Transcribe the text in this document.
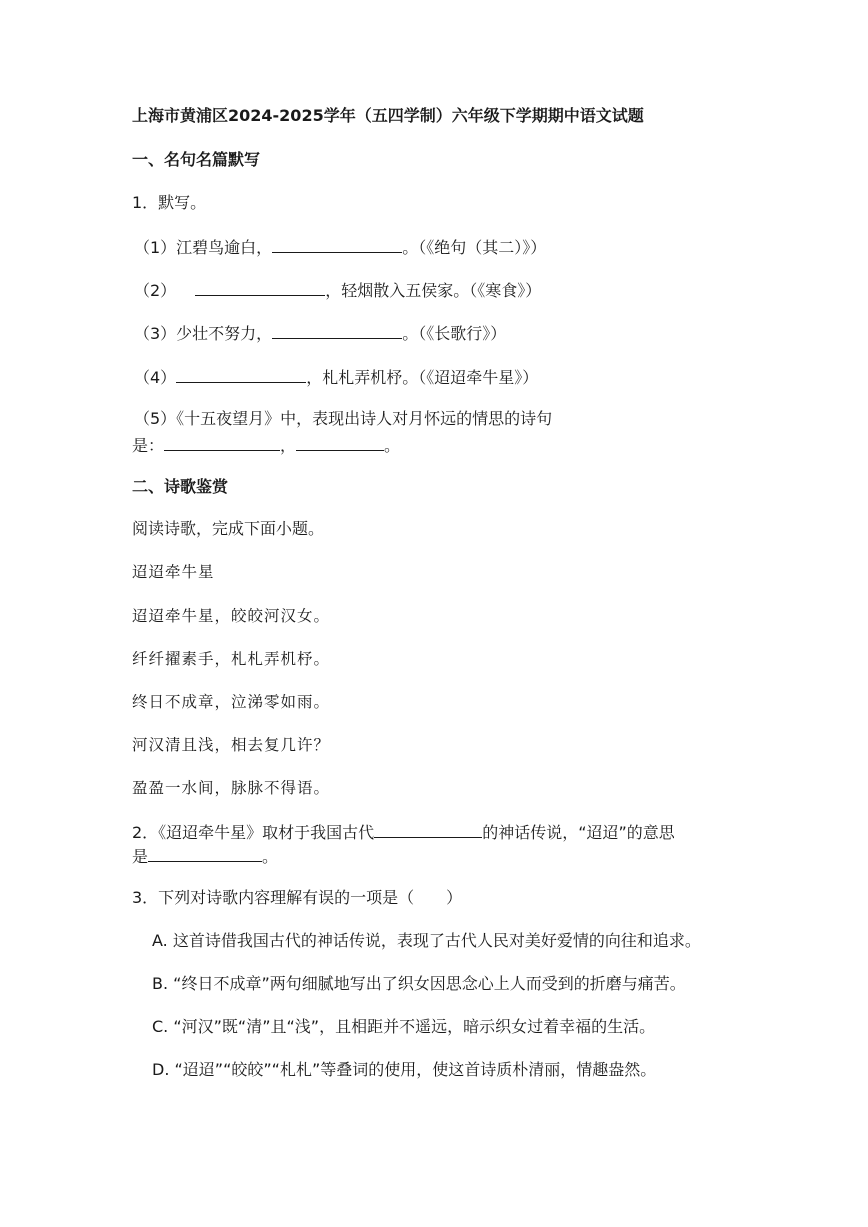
上海市黄浦区2024-2025学年（五四学制）六年级下学期期中语文试题
一、名句名篇默写
1．默写。
（1）江碧鸟逾白，	。（《绝句（其二）》）
（2）	，轻烟散入五侯家。（《寒食》）
（3）少壮不努力，	。（《长歌行》）
（4）	，札札弄机杼。（《迢迢牵牛星》）
（5）《十五夜望月》中，表现出诗人对月怀远的情思的诗句
是：	，	。
二、诗歌鉴赏
阅读诗歌，完成下面小题。
迢迢牵牛星
迢迢牵牛星，皎皎河汉女。
纤纤擢素手，札札弄机杼。
终日不成章，泣涕零如雨。
河汉清且浅，相去复几许？
盈盈一水间，脉脉不得语。
2．《迢迢牵牛星》取材于我国古代	的神话传说，“迢迢”的意思
是	。
3．下列对诗歌内容理解有误的一项是（　　）
A. 这首诗借我国古代的神话传说，表现了古代人民对美好爱情的向往和追求。
B. “终日不成章”两句细腻地写出了织女因思念心上人而受到的折磨与痛苦。
C. “河汉”既“清”且“浅”，且相距并不遥远，暗示织女过着幸福的生活。
D. “迢迢”“皎皎”“札札”等叠词的使用，使这首诗质朴清丽，情趣盎然。
